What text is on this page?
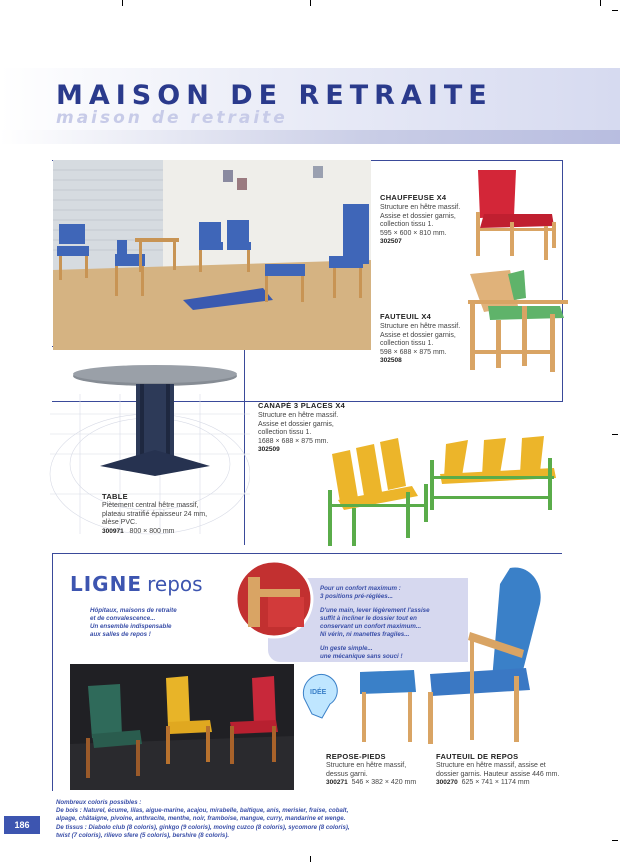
MAISON DE RETRAITE
maison de retraite
CHAUFFEUSE X4
Structure en hêtre massif.
Assise et dossier garnis,
collection tissu 1.
595 × 600 × 810 mm.
302507
FAUTEUIL X4
Structure en hêtre massif.
Assise et dossier garnis,
collection tissu 1.
598 × 688 × 875 mm.
302508
TABLE
Piètement central hêtre massif,
plateau stratifié épaisseur 24 mm,
alèse PVC.
300971 800 × 800 mm
CANAPÉ 3 PLACES X4
Structure en hêtre massif.
Assise et dossier garnis,
collection tissu 1.
1688 × 688 × 875 mm.
302509
LIGNE repos
Hôpitaux, maisons de retraite
et de convalescence...
Un ensemble indispensable
aux salles de repos !
Pour un confort maximum :
3 positions pré-réglées...
D'une main, lever légèrement l'assise
suffit à incliner le dossier tout en
conservant un confort maximum...
Ni vérin, ni manettes fragiles...
Un geste simple...
une mécanique sans souci !
IDÉE
REPOSE-PIEDS
Structure en hêtre massif,
dessus garni.
300271 546 × 382 × 420 mm
FAUTEUIL DE REPOS
Structure en hêtre massif, assise et
dossier garnis. Hauteur assise 446 mm.
300270 625 × 741 × 1174 mm
Nombreux coloris possibles :
De bois : Naturel, écume, lilas, aigue-marine, acajou, mirabelle, baltique, anis, merisier, fraise, cobalt,
alpage, châtaigne, pivoine, anthracite, menthe, noir, framboise, mangue, curry, mandarine et wenge.
De tissus : Diabolo club (8 coloris), ginkgo (9 coloris), moving cuzco (8 coloris), sycomore (8 coloris),
twist (7 coloris), rilievo sfere (5 coloris), bershire (8 coloris).
186
